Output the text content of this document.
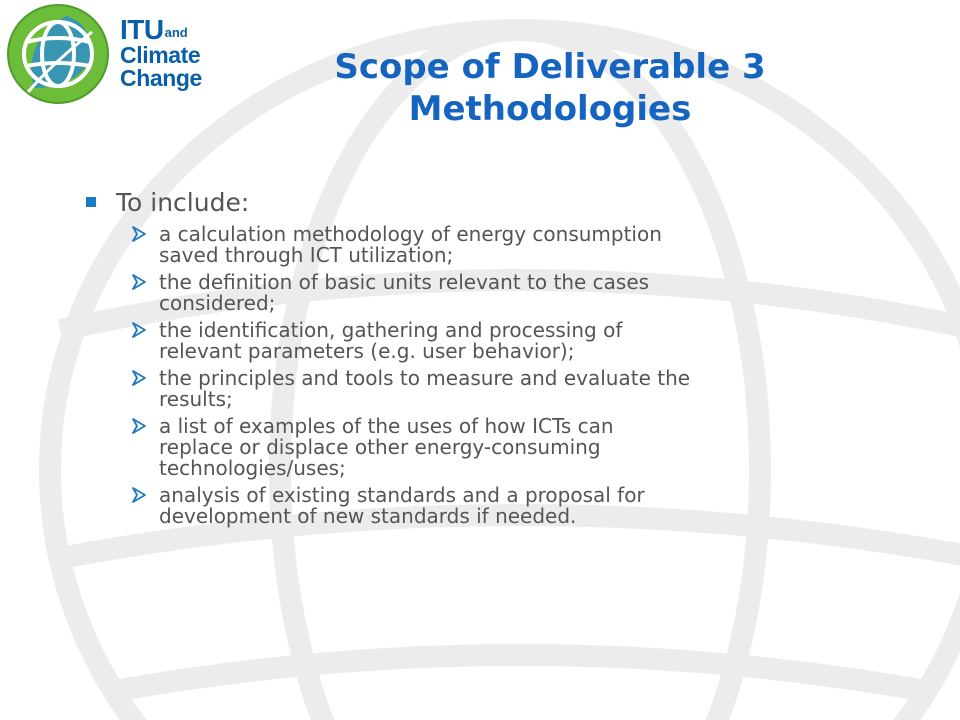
ITUand
Climate
Change	Scope of Deliverable 3
Methodologies
To include:
a calculation methodology of energy consumption
saved through ICT utilization;
the definition of basic units relevant to the cases
considered;
the identification, gathering and processing of
relevant parameters (e.g. user behavior);
the principles and tools to measure and evaluate the
results;
a list of examples of the uses of how ICTs can
replace or displace other energy-consuming
technologies/uses;
analysis of existing standards and a proposal for
development of new standards if needed.
